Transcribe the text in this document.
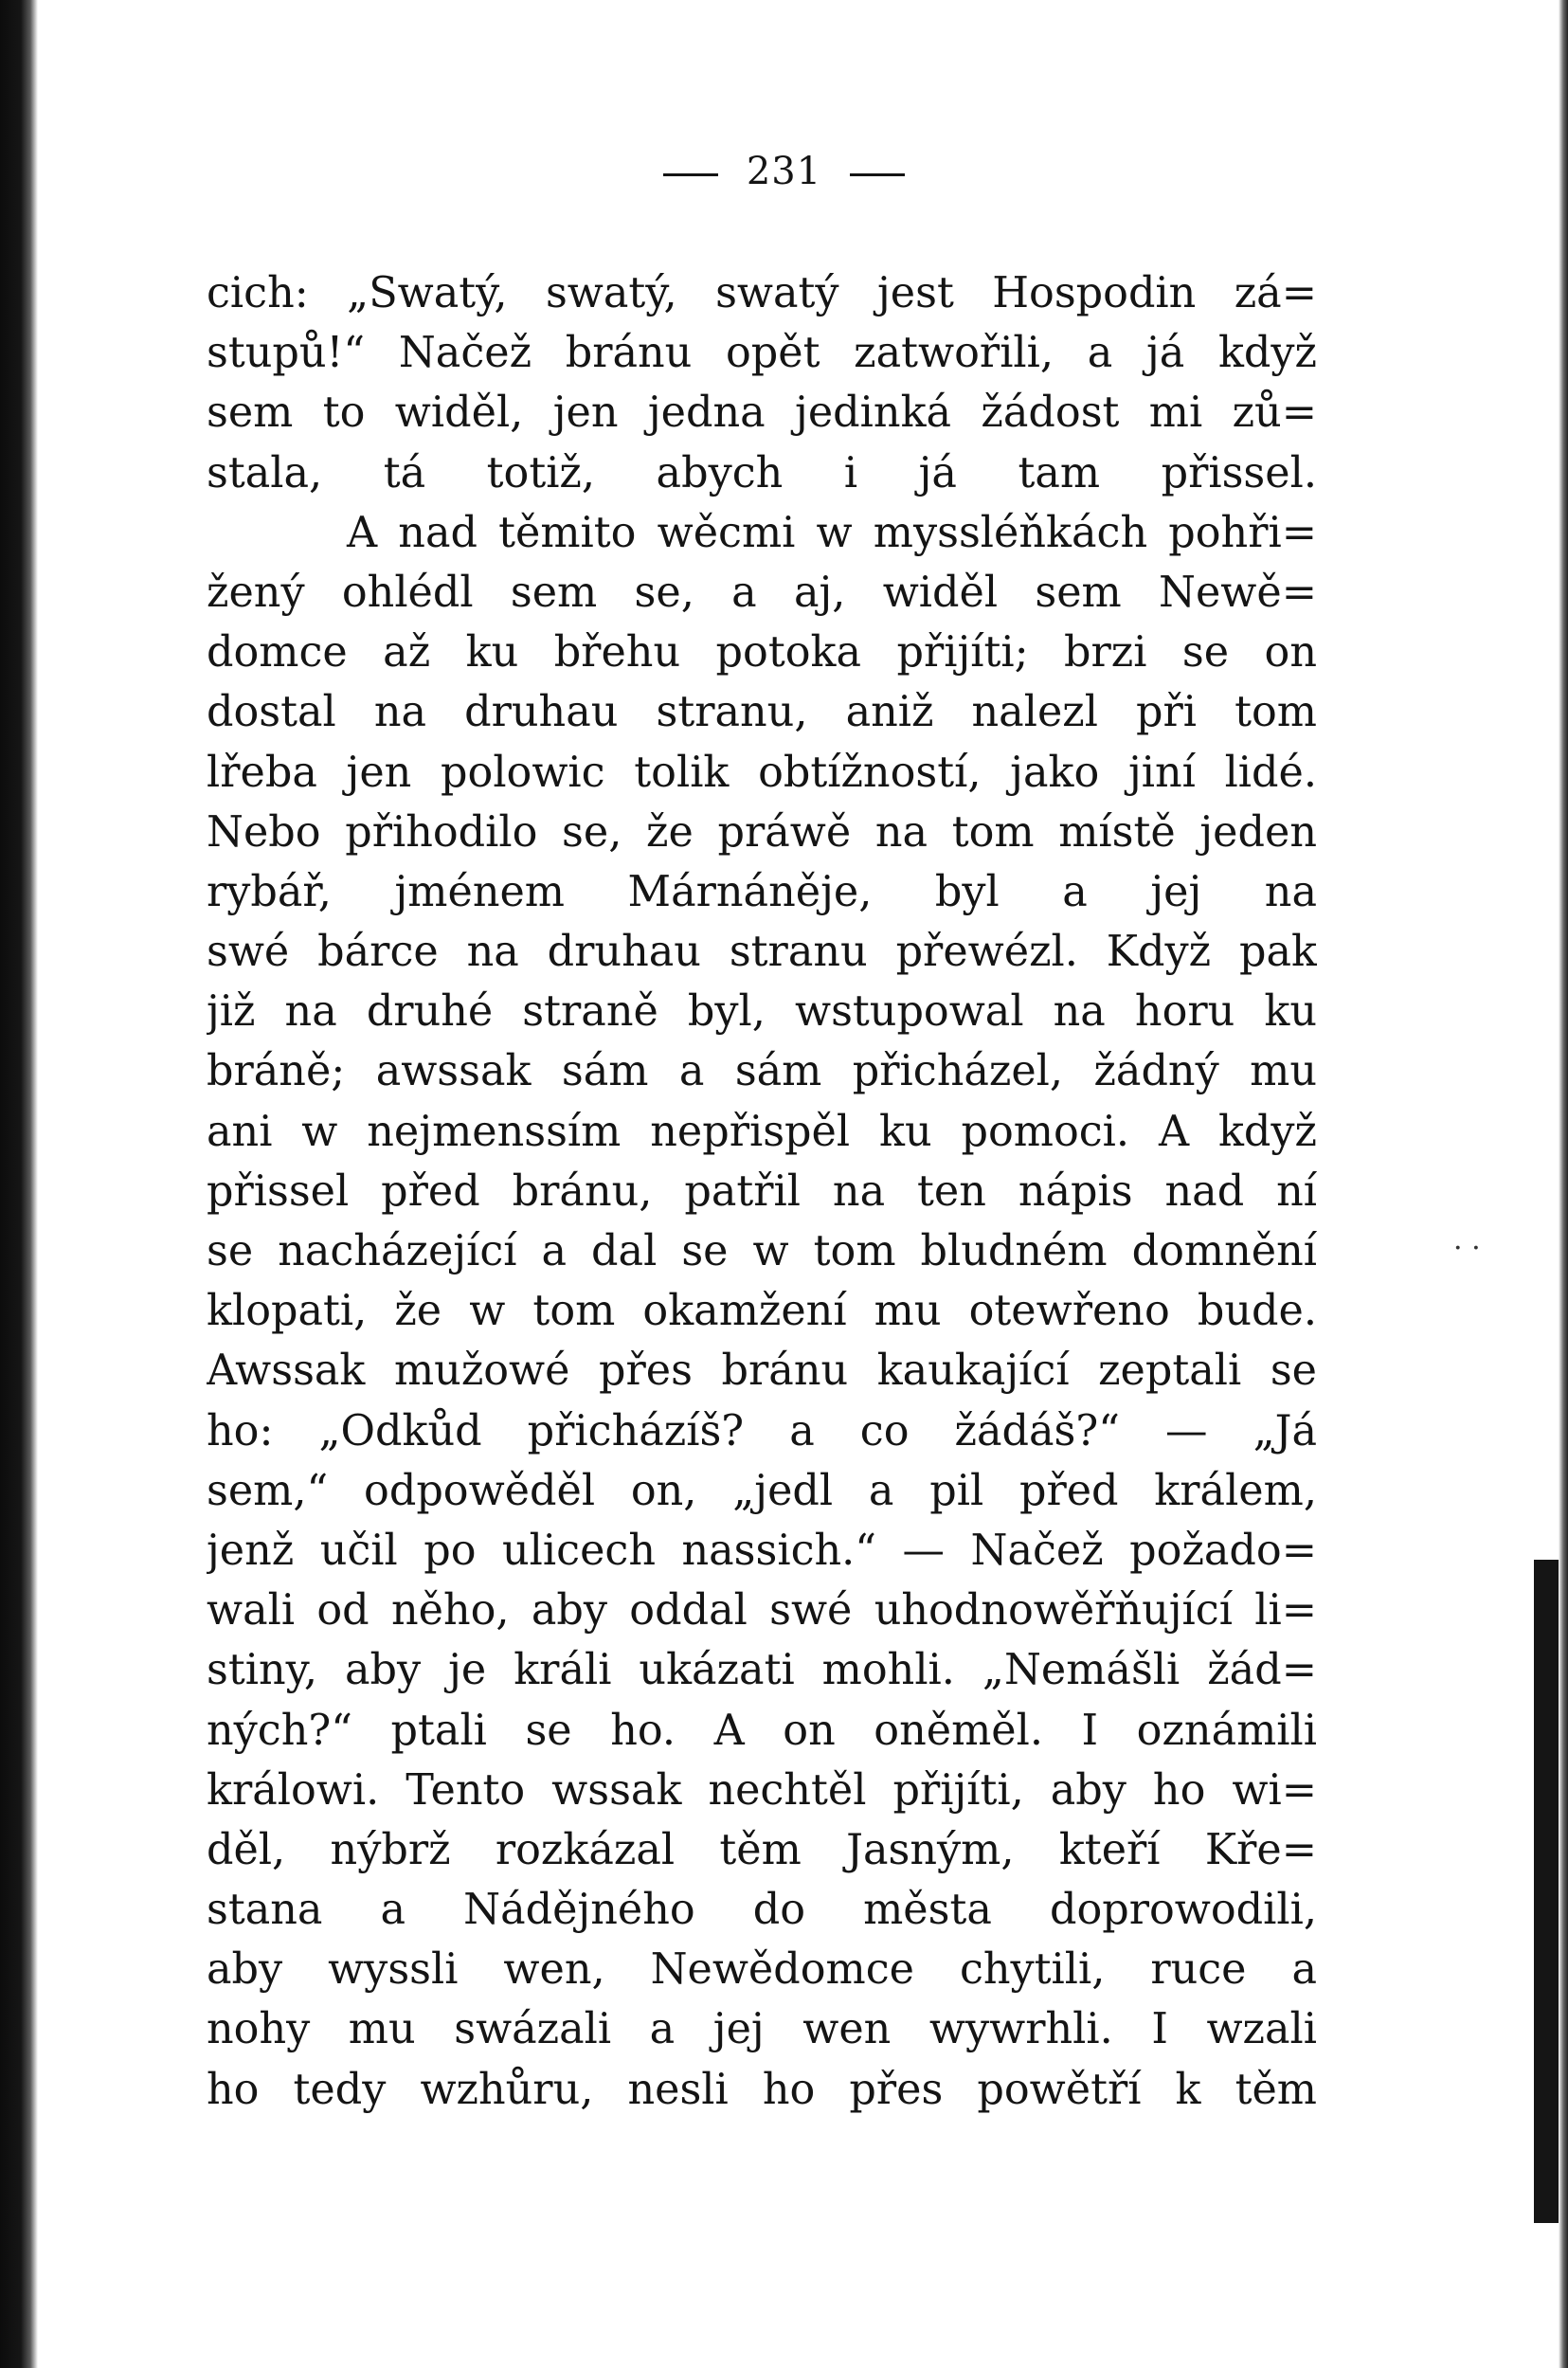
· ·
231
cich: „Swatý, swatý, swatý jest Hospodin zá=
stupů!“ Načež bránu opět zatwořili, a já když
sem to widěl, jen jedna jedinká žádost mi zů=
stala, tá totiž, abych i já tam přissel.
A nad těmito wěcmi w myssléňkách pohři=
žený ohlédl sem se, a aj, widěl sem Newě=
domce až ku břehu potoka přijíti; brzi se on
dostal na druhau stranu, aniž nalezl při tom
lřeba jen polowic tolik obtížností, jako jiní lidé.
Nebo přihodilo se, že práwě na tom místě jeden
rybář, jménem Márnáněje, byl a jej na
swé bárce na druhau stranu přewézl. Když pak
již na druhé straně byl, wstupowal na horu ku
bráně; awssak sám a sám přicházel, žádný mu
ani w nejmenssím nepřispěl ku pomoci. A když
přissel před bránu, patřil na ten nápis nad ní
se nacházející a dal se w tom bludném domnění
klopati, že w tom okamžení mu otewřeno bude.
Awssak mužowé přes bránu kaukající zeptali se
ho: „Odkůd přicházíš? a co žádáš?“ — „Já
sem,“ odpowěděl on, „jedl a pil před králem,
jenž učil po ulicech nassich.“ — Načež požado=
wali od něho, aby oddal swé uhodnowěřňující li=
stiny, aby je králi ukázati mohli. „Nemášli žád=
ných?“ ptali se ho. A on oněměl. I oznámili
králowi. Tento wssak nechtěl přijíti, aby ho wi=
děl, nýbrž rozkázal těm Jasným, kteří Kře=
stana a Nádějného do města doprowodili,
aby wyssli wen, Newědomce chytili, ruce a
nohy mu swázali a jej wen wywrhli. I wzali
ho tedy wzhůru, nesli ho přes powětří k těm
